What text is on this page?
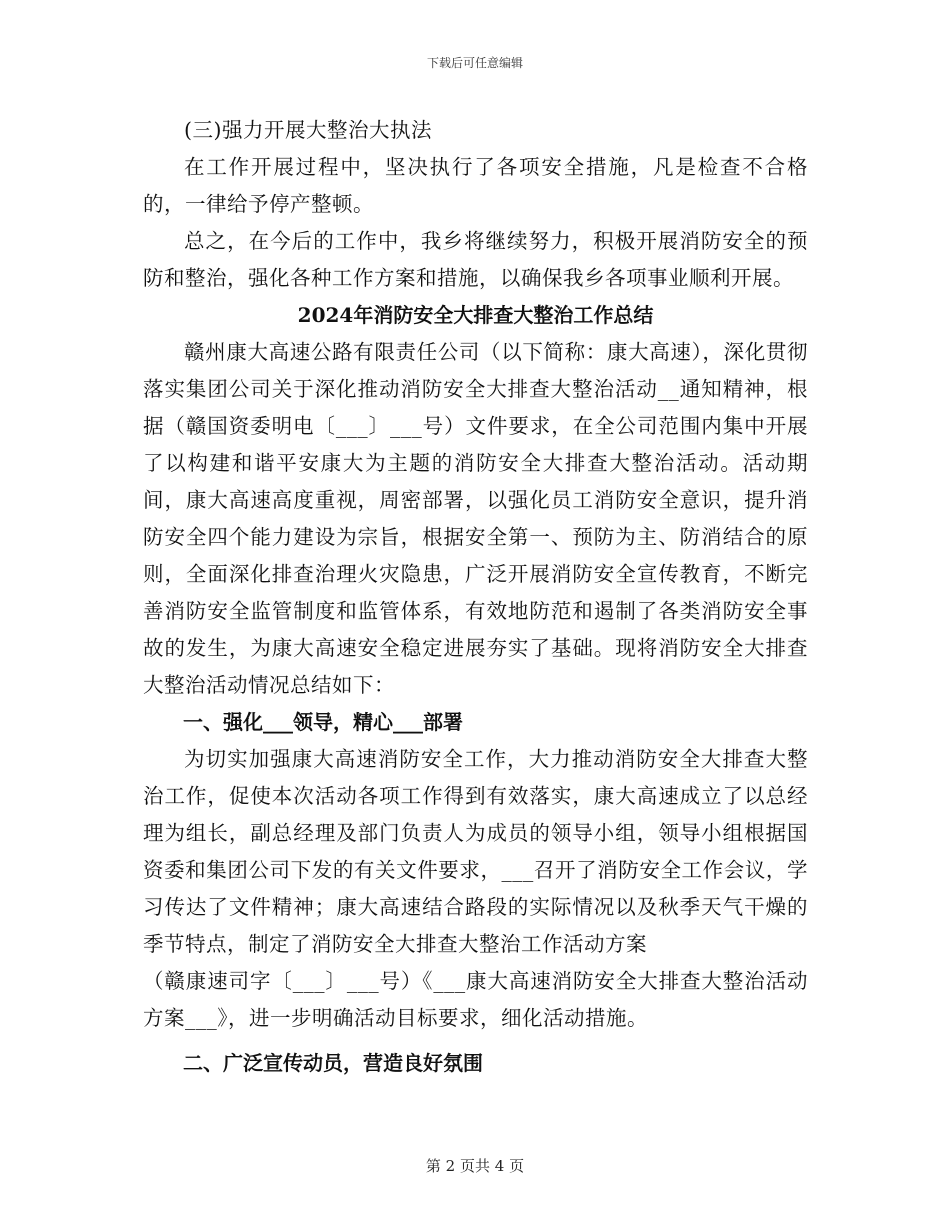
下载后可任意编辑

(三)强力开展大整治大执法

在工作开展过程中，坚决执行了各项安全措施，凡是检查不合格的，一律给予停产整顿。

总之，在今后的工作中，我乡将继续努力，积极开展消防安全的预防和整治，强化各种工作方案和措施，以确保我乡各项事业顺利开展。

2024年消防安全大排查大整治工作总结

赣州康大高速公路有限责任公司（以下简称：康大高速），深化贯彻落实集团公司关于深化推动消防安全大排查大整治活动__通知精神，根据（赣国资委明电〔___〕___号）文件要求，在全公司范围内集中开展了以构建和谐平安康大为主题的消防安全大排查大整治活动。活动期间，康大高速高度重视，周密部署，以强化员工消防安全意识，提升消防安全四个能力建设为宗旨，根据安全第一、预防为主、防消结合的原则，全面深化排查治理火灾隐患，广泛开展消防安全宣传教育，不断完善消防安全监管制度和监管体系，有效地防范和遏制了各类消防安全事故的发生，为康大高速安全稳定进展夯实了基础。现将消防安全大排查大整治活动情况总结如下：

一、强化___领导，精心___部署

为切实加强康大高速消防安全工作，大力推动消防安全大排查大整治工作，促使本次活动各项工作得到有效落实，康大高速成立了以总经理为组长，副总经理及部门负责人为成员的领导小组，领导小组根据国资委和集团公司下发的有关文件要求，___召开了消防安全工作会议，学习传达了文件精神；康大高速结合路段的实际情况以及秋季天气干燥的季节特点，制定了消防安全大排查大整治工作活动方案

（赣康速司字〔___〕___号）《___康大高速消防安全大排查大整治活动方案___》，进一步明确活动目标要求，细化活动措施。

二、广泛宣传动员，营造良好氛围
第 2 页共 4 页
